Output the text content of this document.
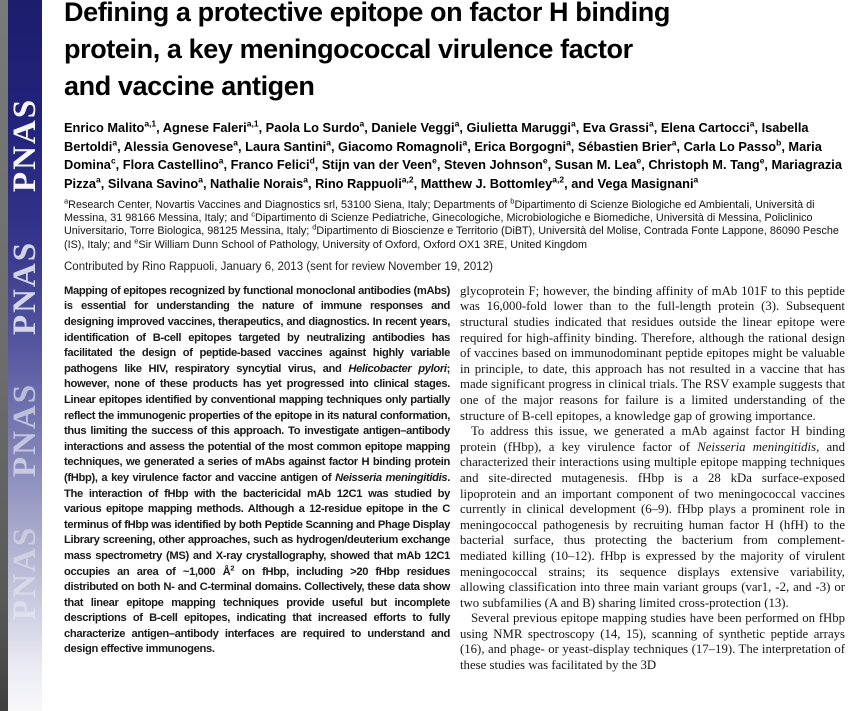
PNAS
PNAS
PNAS
PNAS
Defining a protective epitope on factor H binding
protein, a key meningococcal virulence factor
and vaccine antigen

Enrico Malito$^{a,1}$, Agnese Faleri$^{a,1}$, Paola Lo Surdo$^a$, Daniele Veggi$^a$, Giulietta Maruggi$^a$, Eva Grassi$^a$, Elena Cartocci$^a$, Isabella Bertoldi$^a$, Alessia Genovese$^a$, Laura Santini$^a$, Giacomo Romagnoli$^a$, Erica Borgogni$^a$, Sébastien Brier$^a$, Carla Lo Passo$^b$, Maria Domina$^c$, Flora Castellino$^a$, Franco Felici$^d$, Stijn van der Veen$^e$, Steven Johnson$^e$, Susan M. Lea$^e$, Christoph M. Tang$^e$, Mariagrazia Pizza$^a$, Silvana Savino$^a$, Nathalie Norais$^a$, Rino Rappuoli$^{a,2}$, Matthew J. Bottomley$^{a,2}$, and Vega Masignani$^a$

$^a$Research Center, Novartis Vaccines and Diagnostics srl, 53100 Siena, Italy; Departments of $^b$Dipartimento di Scienze Biologiche ed Ambientali, Università di Messina, 31 98166 Messina, Italy; and $^c$Dipartimento di Scienze Pediatriche, Ginecologiche, Microbiologiche e Biomediche, Università di Messina, Policlinico Universitario, Torre Biologica, 98125 Messina, Italy; $^d$Dipartimento di Bioscienze e Territorio (DiBT), Università del Molise, Contrada Fonte Lappone, 86090 Pesche (IS), Italy; and $^e$Sir William Dunn School of Pathology, University of Oxford, Oxford OX1 3RE, United Kingdom

Contributed by Rino Rappuoli, January 6, 2013 (sent for review November 19, 2012)

Mapping of epitopes recognized by functional monoclonal antibodies (mAbs) is essential for understanding the nature of immune responses and designing improved vaccines, therapeutics, and diagnostics. In recent years, identification of B-cell epitopes targeted by neutralizing antibodies has facilitated the design of peptide-based vaccines against highly variable pathogens like HIV, respiratory syncytial virus, and Helicobacter pylori; however, none of these products has yet progressed into clinical stages. Linear epitopes identified by conventional mapping techniques only partially reflect the immunogenic properties of the epitope in its natural conformation, thus limiting the success of this approach. To investigate antigen–antibody interactions and assess the potential of the most common epitope mapping techniques, we generated a series of mAbs against factor H binding protein (fHbp), a key virulence factor and vaccine antigen of Neisseria meningitidis. The interaction of fHbp with the bactericidal mAb 12C1 was studied by various epitope mapping methods. Although a 12-residue epitope in the C terminus of fHbp was identified by both Peptide Scanning and Phage Display Library screening, other approaches, such as hydrogen/deuterium exchange mass spectrometry (MS) and X-ray crystallography, showed that mAb 12C1 occupies an area of ~1,000 $Å^2$ on fHbp, including >20 fHbp residues distributed on both N- and C-terminal domains. Collectively, these data show that linear epitope mapping techniques provide useful but incomplete descriptions of B-cell epitopes, indicating that increased efforts to fully characterize antigen–antibody interfaces are required to understand and design effective immunogens.

glycoprotein F; however, the binding affinity of mAb 101F to this peptide was 16,000-fold lower than to the full-length protein (3). Subsequent structural studies indicated that residues outside the linear epitope were required for high-affinity binding. Therefore, although the rational design of vaccines based on immunodominant peptide epitopes might be valuable in principle, to date, this approach has not resulted in a vaccine that has made significant progress in clinical trials. The RSV example suggests that one of the major reasons for failure is a limited understanding of the structure of B-cell epitopes, a knowledge gap of growing importance.

To address this issue, we generated a mAb against factor H binding protein (fHbp), a key virulence factor of Neisseria meningitidis, and characterized their interactions using multiple epitope mapping techniques and site-directed mutagenesis. fHbp is a 28 kDa surface-exposed lipoprotein and an important component of two meningococcal vaccines currently in clinical development (6–9). fHbp plays a prominent role in meningococcal pathogenesis by recruiting human factor H (hfH) to the bacterial surface, thus protecting the bacterium from complement-mediated killing (10–12). fHbp is expressed by the majority of virulent meningococcal strains; its sequence displays extensive variability, allowing classification into three main variant groups (var1, -2, and -3) or two subfamilies (A and B) sharing limited cross-protection (13).

Several previous epitope mapping studies have been performed on fHbp using NMR spectroscopy (14, 15), scanning of synthetic peptide arrays (16), and phage- or yeast-display techniques (17–19). The interpretation of these studies was facilitated by the 3D
